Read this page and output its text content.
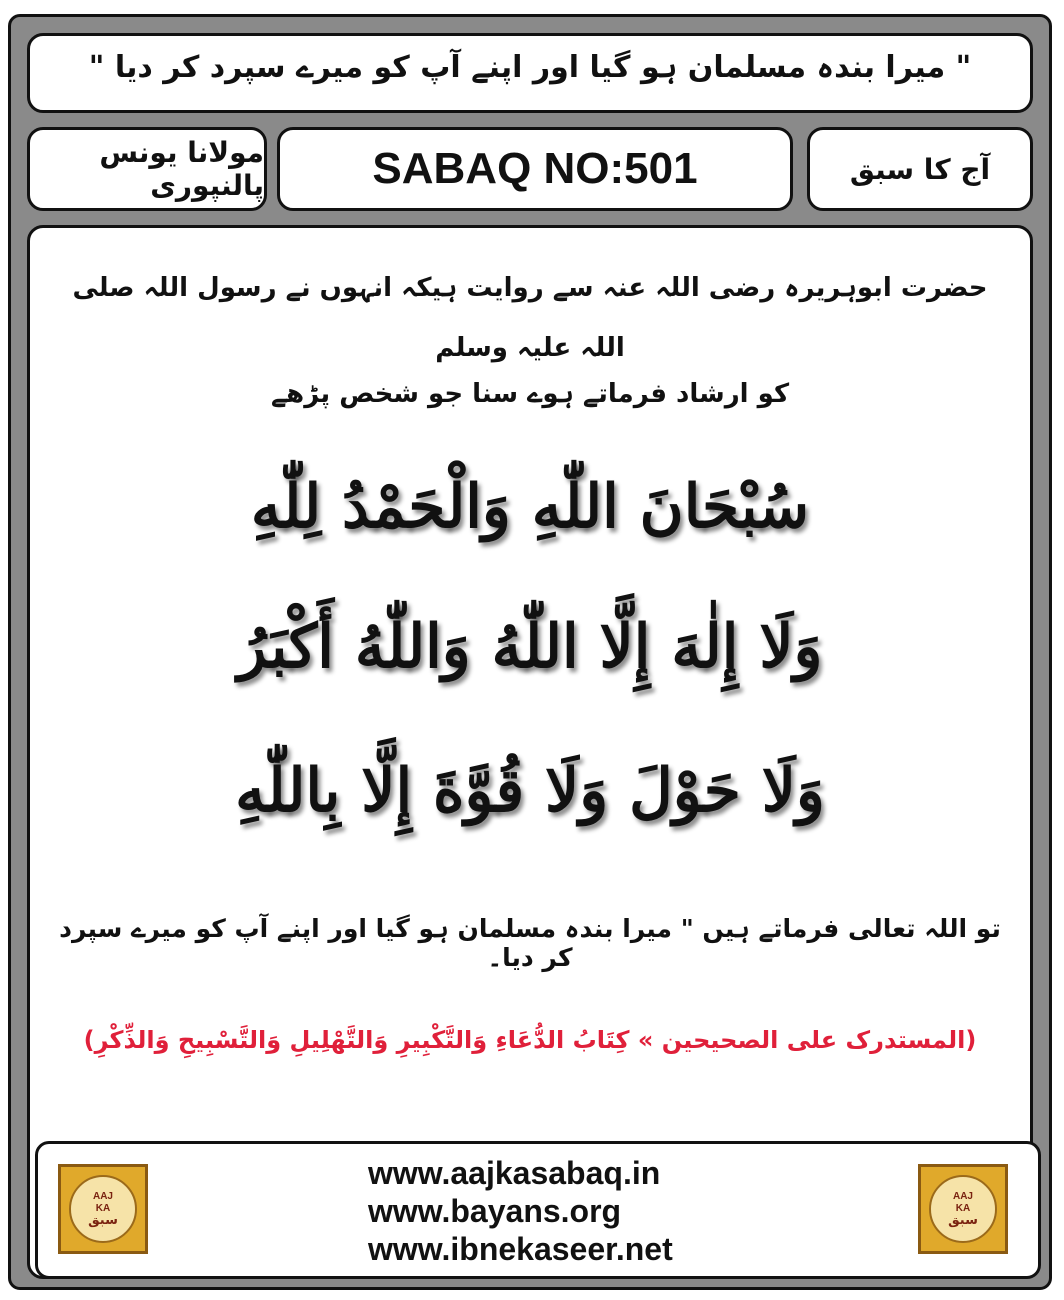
" میرا بندہ مسلمان ہو گیا اور اپنے آپ کو میرے سپرد کر دیا "
مولانا یونس پالنپوری	SABAQ NO:501	آج کا سبق
حضرت ابوہریرہ رضی اللہ عنہ سے روایت ہیکہ انہوں نے رسول اللہ صلی اللہ علیہ وسلم
کو ارشاد فرماتے ہوے سنا جو شخص پڑھے
سُبْحَانَ اللّٰهِ وَالْحَمْدُ لِلّٰهِ
وَلَا إِلٰهَ إِلَّا اللّٰهُ وَاللّٰهُ أَكْبَرُ
وَلَا حَوْلَ وَلَا قُوَّةَ إِلَّا بِاللّٰهِ
تو اللہ تعالی فرماتے ہیں " میرا بندہ مسلمان ہو گیا اور اپنے آپ کو میرے سپرد کر دیا۔
(المستدرک على الصحيحين » كِتَابُ الدُّعَاءِ وَالتَّكْبِيرِ وَالتَّهْلِيلِ وَالتَّسْبِيحِ وَالذِّكْرِ)
AAJ
KA
سبق
www.aajkasabaq.in
www.bayans.org
www.ibnekaseer.net
AAJ
KA
سبق
